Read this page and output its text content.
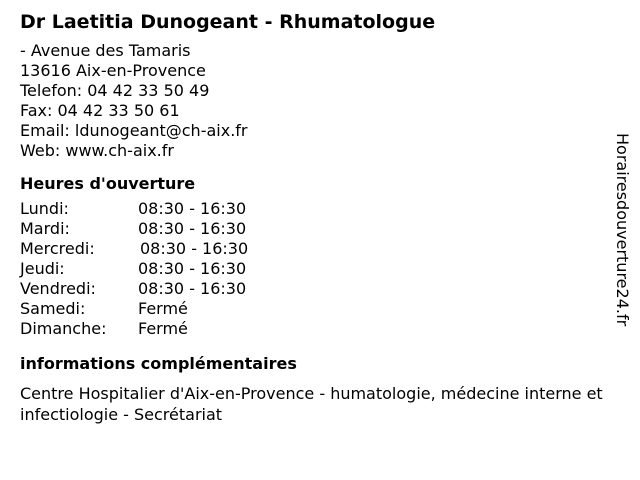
Dr Laetitia Dunogeant - Rhumatologue
- Avenue des Tamaris
13616 Aix-en-Provence
Telefon: 04 42 33 50 49
Fax: 04 42 33 50 61
Email: ldunogeant@ch-aix.fr
Web: www.ch-aix.fr
Heures d'ouverture
Lundi:	08:30 - 16:30
Mardi:	08:30 - 16:30
Mercredi:	08:30 - 16:30
Jeudi:	08:30 - 16:30
Vendredi:	08:30 - 16:30
Samedi:	Fermé
Dimanche:	Fermé
informations complémentaires
Centre Hospitalier d'Aix-en-Provence - humatologie, médecine interne et infectiologie - Secrétariat
Horairesdouverture24.fr
